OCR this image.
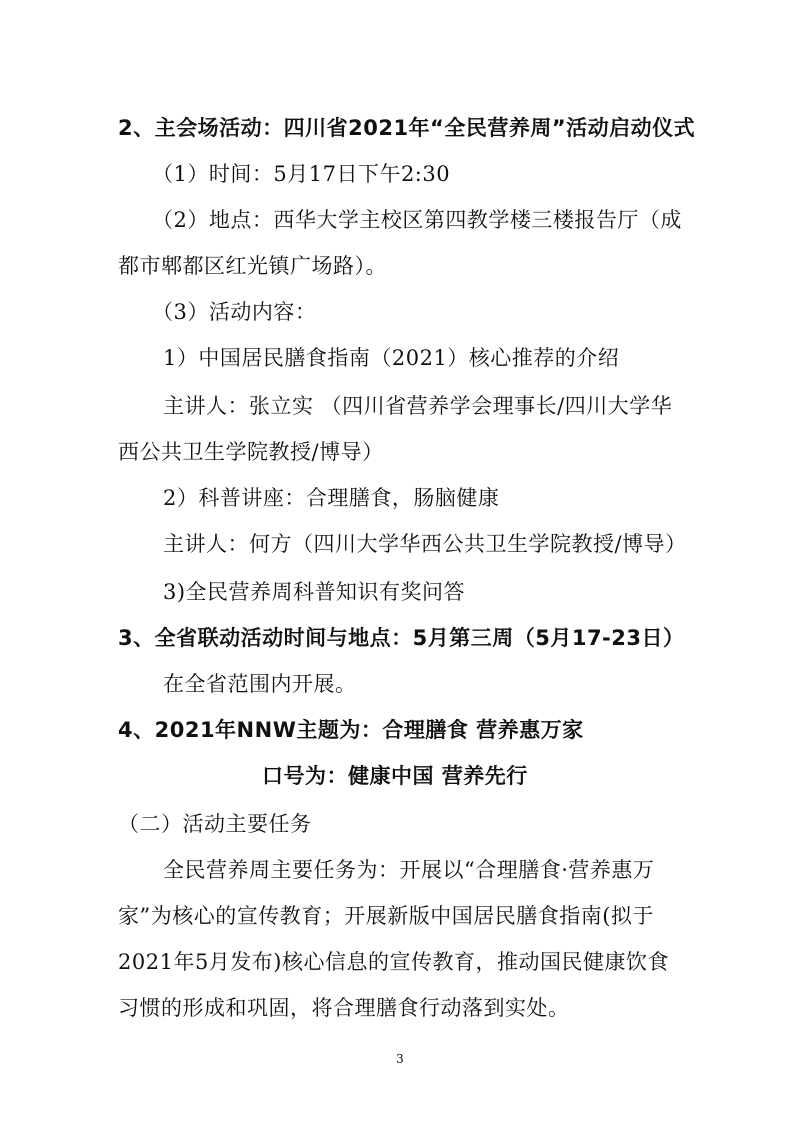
2、主会场活动：四川省2021年“全民营养周”活动启动仪式
（1）时间：5月17日下午2:30
（2）地点：西华大学主校区第四教学楼三楼报告厅（成
都市郫都区红光镇广场路）。
（3）活动内容：
1）中国居民膳食指南（2021）核心推荐的介绍
主讲人：张立实 （四川省营养学会理事长/四川大学华
西公共卫生学院教授/博导）
2）科普讲座：合理膳食，肠脑健康
主讲人：何方（四川大学华西公共卫生学院教授/博导）
3)全民营养周科普知识有奖问答
3、全省联动活动时间与地点：5月第三周（5月17-23日）
在全省范围内开展。
4、2021年NNW主题为：合理膳食 营养惠万家
口号为：健康中国 营养先行
（二）活动主要任务
全民营养周主要任务为：开展以“合理膳食·营养惠万
家”为核心的宣传教育；开展新版中国居民膳食指南(拟于
2021年5月发布)核心信息的宣传教育，推动国民健康饮食
习惯的形成和巩固，将合理膳食行动落到实处。
3
